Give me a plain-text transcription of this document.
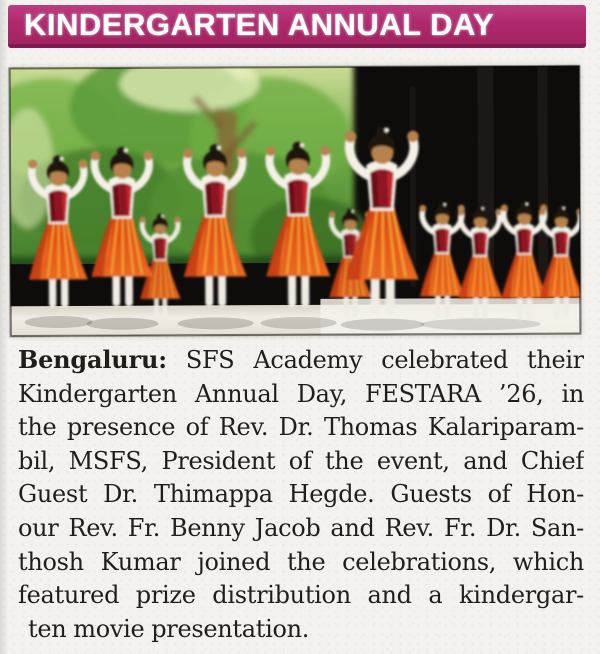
KINDERGARTEN ANNUAL DAY
Bengaluru: SFS Academy celebrated their
Kindergarten Annual Day, FESTARA ’26, in
the presence of Rev. Dr. Thomas Kalariparam-
bil, MSFS, President of the event, and Chief
Guest Dr. Thimappa Hegde. Guests of Hon-
our Rev. Fr. Benny Jacob and Rev. Fr. Dr. San-
thosh Kumar joined the celebrations, which
featured prize distribution and a kindergar-
ten movie presentation.
